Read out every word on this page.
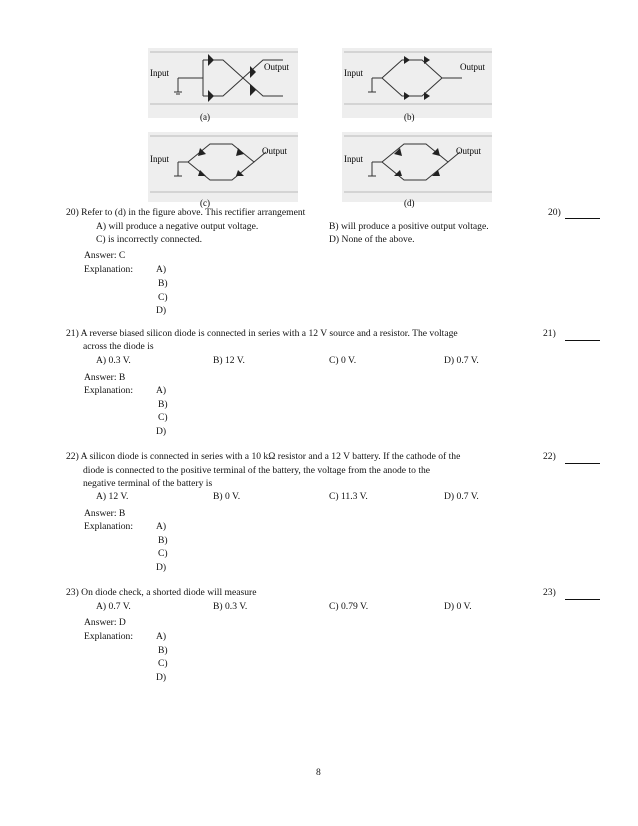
Input
Output
(a)
Input
Output
(b)
Input
Output
(c)
Input
Output
(d)
20) Refer to (d) in the figure above. This rectifier arrangement	20)
A) will produce a negative output voltage.	B) will produce a positive output voltage.
C) is incorrectly connected.	D) None of the above.
Answer: C
Explanation: A)
B)
C)
D)
21) A reverse biased silicon diode is connected in series with a 12 V source and a resistor. The voltage
across the diode is
21)
A) 0.3 V.	B) 12 V.	C) 0 V.	D) 0.7 V.
Answer: B
Explanation: A)
B)
C)
D)
22) A silicon diode is connected in series with a 10 kΩ resistor and a 12 V battery. If the cathode of the
diode is connected to the positive terminal of the battery, the voltage from the anode to the
negative terminal of the battery is
22)
A) 12 V.	B) 0 V.	C) 11.3 V.	D) 0.7 V.
Answer: B
Explanation: A)
B)
C)
D)
23) On diode check, a shorted diode will measure	23)
A) 0.7 V.	B) 0.3 V.	C) 0.79 V.	D) 0 V.
Answer: D
Explanation: A)
B)
C)
D)
8
